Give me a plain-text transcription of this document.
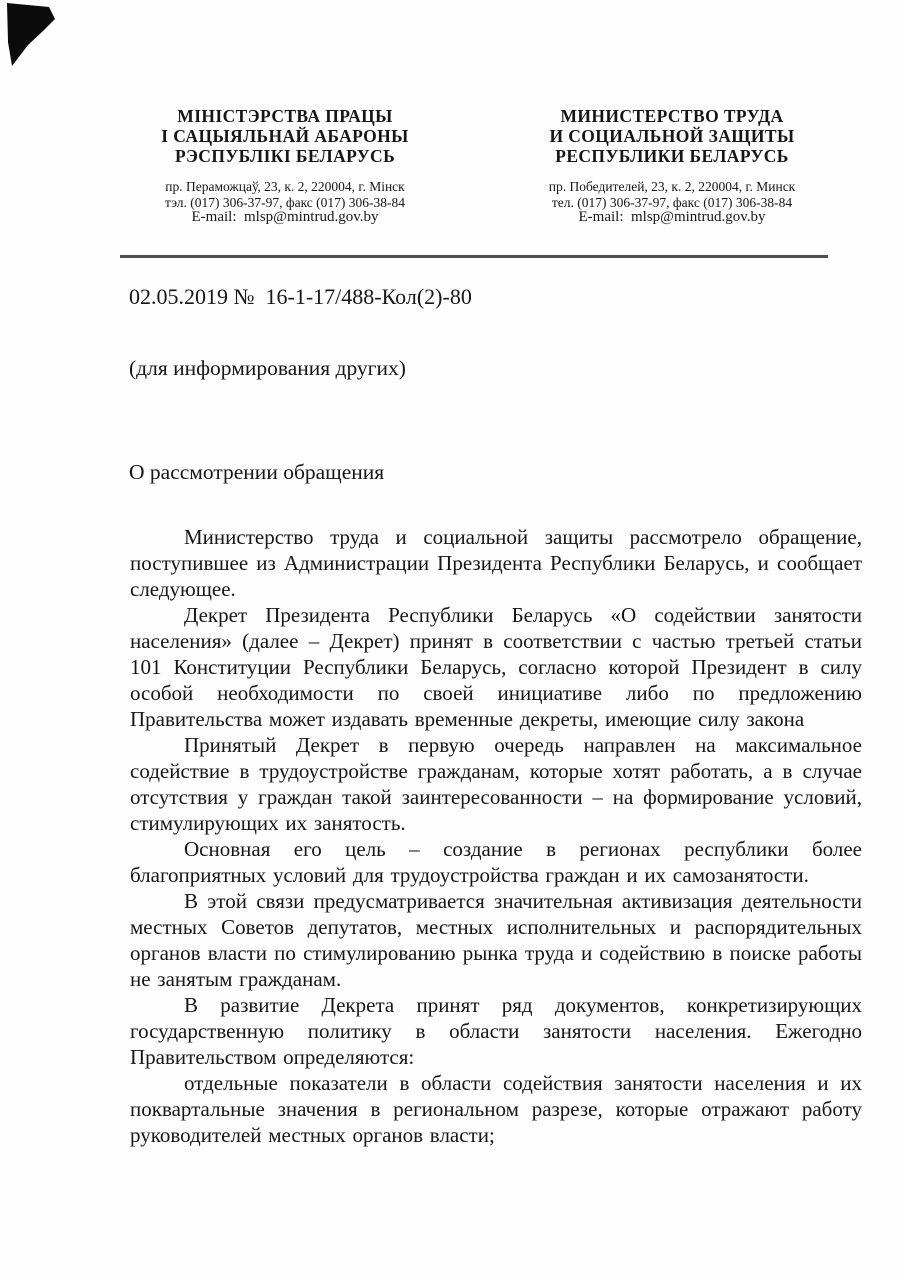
МІНІСТЭРСТВА ПРАЦЫ
І САЦЫЯЛЬНАЙ АБАРОНЫ
РЭСПУБЛІКІ БЕЛАРУСЬ
пр. Пераможцаў, 23, к. 2, 220004, г. Мінск
тэл. (017) 306-37-97, факс (017) 306-38-84
E-mail:  mlsp@mintrud.gov.by
МИНИСТЕРСТВО ТРУДА
И СОЦИАЛЬНОЙ ЗАЩИТЫ
РЕСПУБЛИКИ БЕЛАРУСЬ
пр. Победителей, 23, к. 2, 220004, г. Минск
тел. (017) 306-37-97, факс (017) 306-38-84
E-mail:  mlsp@mintrud.gov.by
02.05.2019 №  16-1-17/488-Кол(2)-80
(для информирования других)
О рассмотрении обращения

Министерство труда и социальной защиты рассмотрело обращение, поступившее из Администрации Президента Республики Беларусь, и сообщает следующее.

Декрет Президента Республики Беларусь «О содействии занятости населения» (далее – Декрет) принят в соответствии с частью третьей статьи 101 Конституции Республики Беларусь, согласно которой Президент в силу особой необходимости по своей инициативе либо по предложению Правительства может издавать временные декреты, имеющие силу закона

Принятый Декрет в первую очередь направлен на максимальное содействие в трудоустройстве гражданам, которые хотят работать, а в случае отсутствия у граждан такой заинтересованности – на формирование условий, стимулирующих их занятость.

Основная его цель – создание в регионах республики более благоприятных условий для трудоустройства граждан и их самозанятости.

В этой связи предусматривается значительная активизация деятельности местных Советов депутатов, местных исполнительных и распорядительных органов власти по стимулированию рынка труда и содействию в поиске работы не занятым гражданам.

В развитие Декрета принят ряд документов, конкретизирующих государственную политику в области занятости населения. Ежегодно Правительством определяются:

отдельные показатели в области содействия занятости населения и их поквартальные значения в региональном разрезе, которые отражают работу руководителей местных органов власти;
